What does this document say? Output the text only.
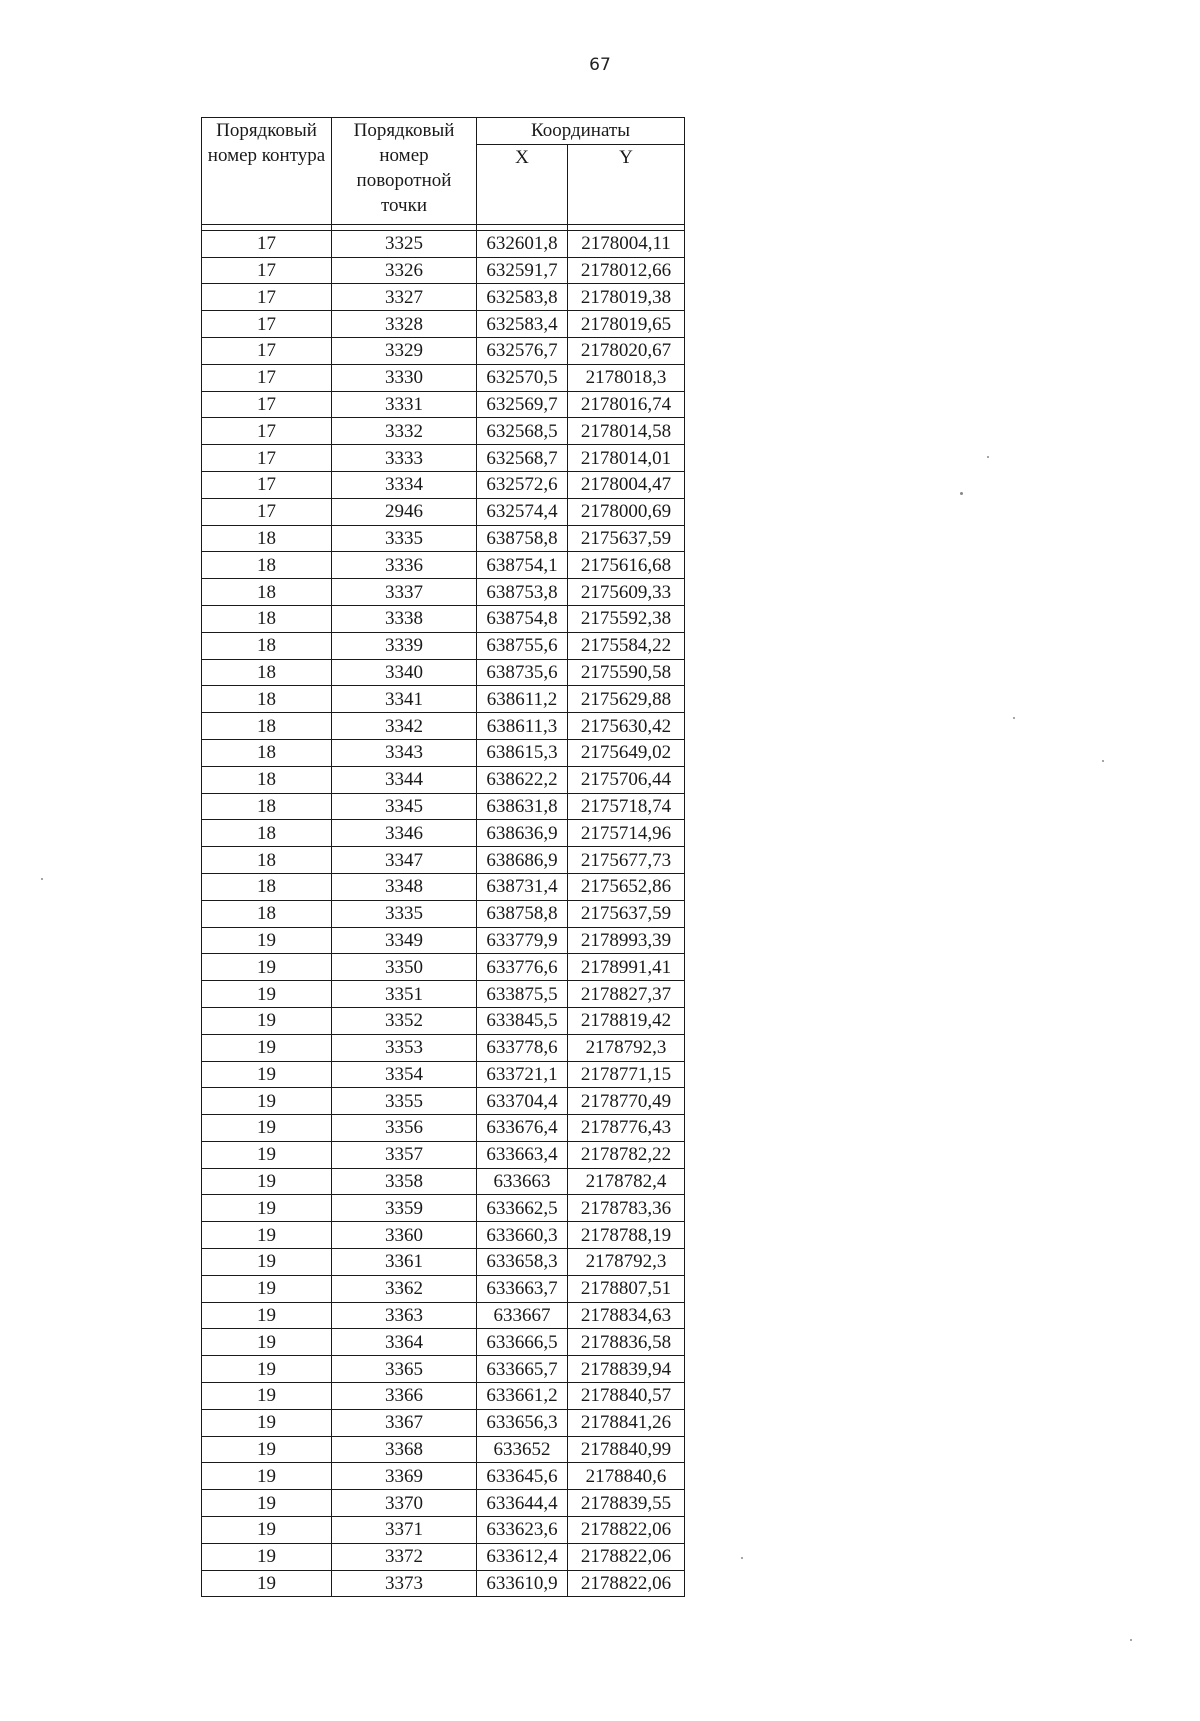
67
Порядковый номер контура	Порядковый номер поворотной точки	Координаты	
		X	Y

17	3325	632601,8	2178004,11
17	3326	632591,7	2178012,66
17	3327	632583,8	2178019,38
17	3328	632583,4	2178019,65
17	3329	632576,7	2178020,67
17	3330	632570,5	2178018,3
17	3331	632569,7	2178016,74
17	3332	632568,5	2178014,58
17	3333	632568,7	2178014,01
17	3334	632572,6	2178004,47
17	2946	632574,4	2178000,69
18	3335	638758,8	2175637,59
18	3336	638754,1	2175616,68
18	3337	638753,8	2175609,33
18	3338	638754,8	2175592,38
18	3339	638755,6	2175584,22
18	3340	638735,6	2175590,58
18	3341	638611,2	2175629,88
18	3342	638611,3	2175630,42
18	3343	638615,3	2175649,02
18	3344	638622,2	2175706,44
18	3345	638631,8	2175718,74
18	3346	638636,9	2175714,96
18	3347	638686,9	2175677,73
18	3348	638731,4	2175652,86
18	3335	638758,8	2175637,59
19	3349	633779,9	2178993,39
19	3350	633776,6	2178991,41
19	3351	633875,5	2178827,37
19	3352	633845,5	2178819,42
19	3353	633778,6	2178792,3
19	3354	633721,1	2178771,15
19	3355	633704,4	2178770,49
19	3356	633676,4	2178776,43
19	3357	633663,4	2178782,22
19	3358	633663	2178782,4
19	3359	633662,5	2178783,36
19	3360	633660,3	2178788,19
19	3361	633658,3	2178792,3
19	3362	633663,7	2178807,51
19	3363	633667	2178834,63
19	3364	633666,5	2178836,58
19	3365	633665,7	2178839,94
19	3366	633661,2	2178840,57
19	3367	633656,3	2178841,26
19	3368	633652	2178840,99
19	3369	633645,6	2178840,6
19	3370	633644,4	2178839,55
19	3371	633623,6	2178822,06
19	3372	633612,4	2178822,06
19	3373	633610,9	2178822,06
